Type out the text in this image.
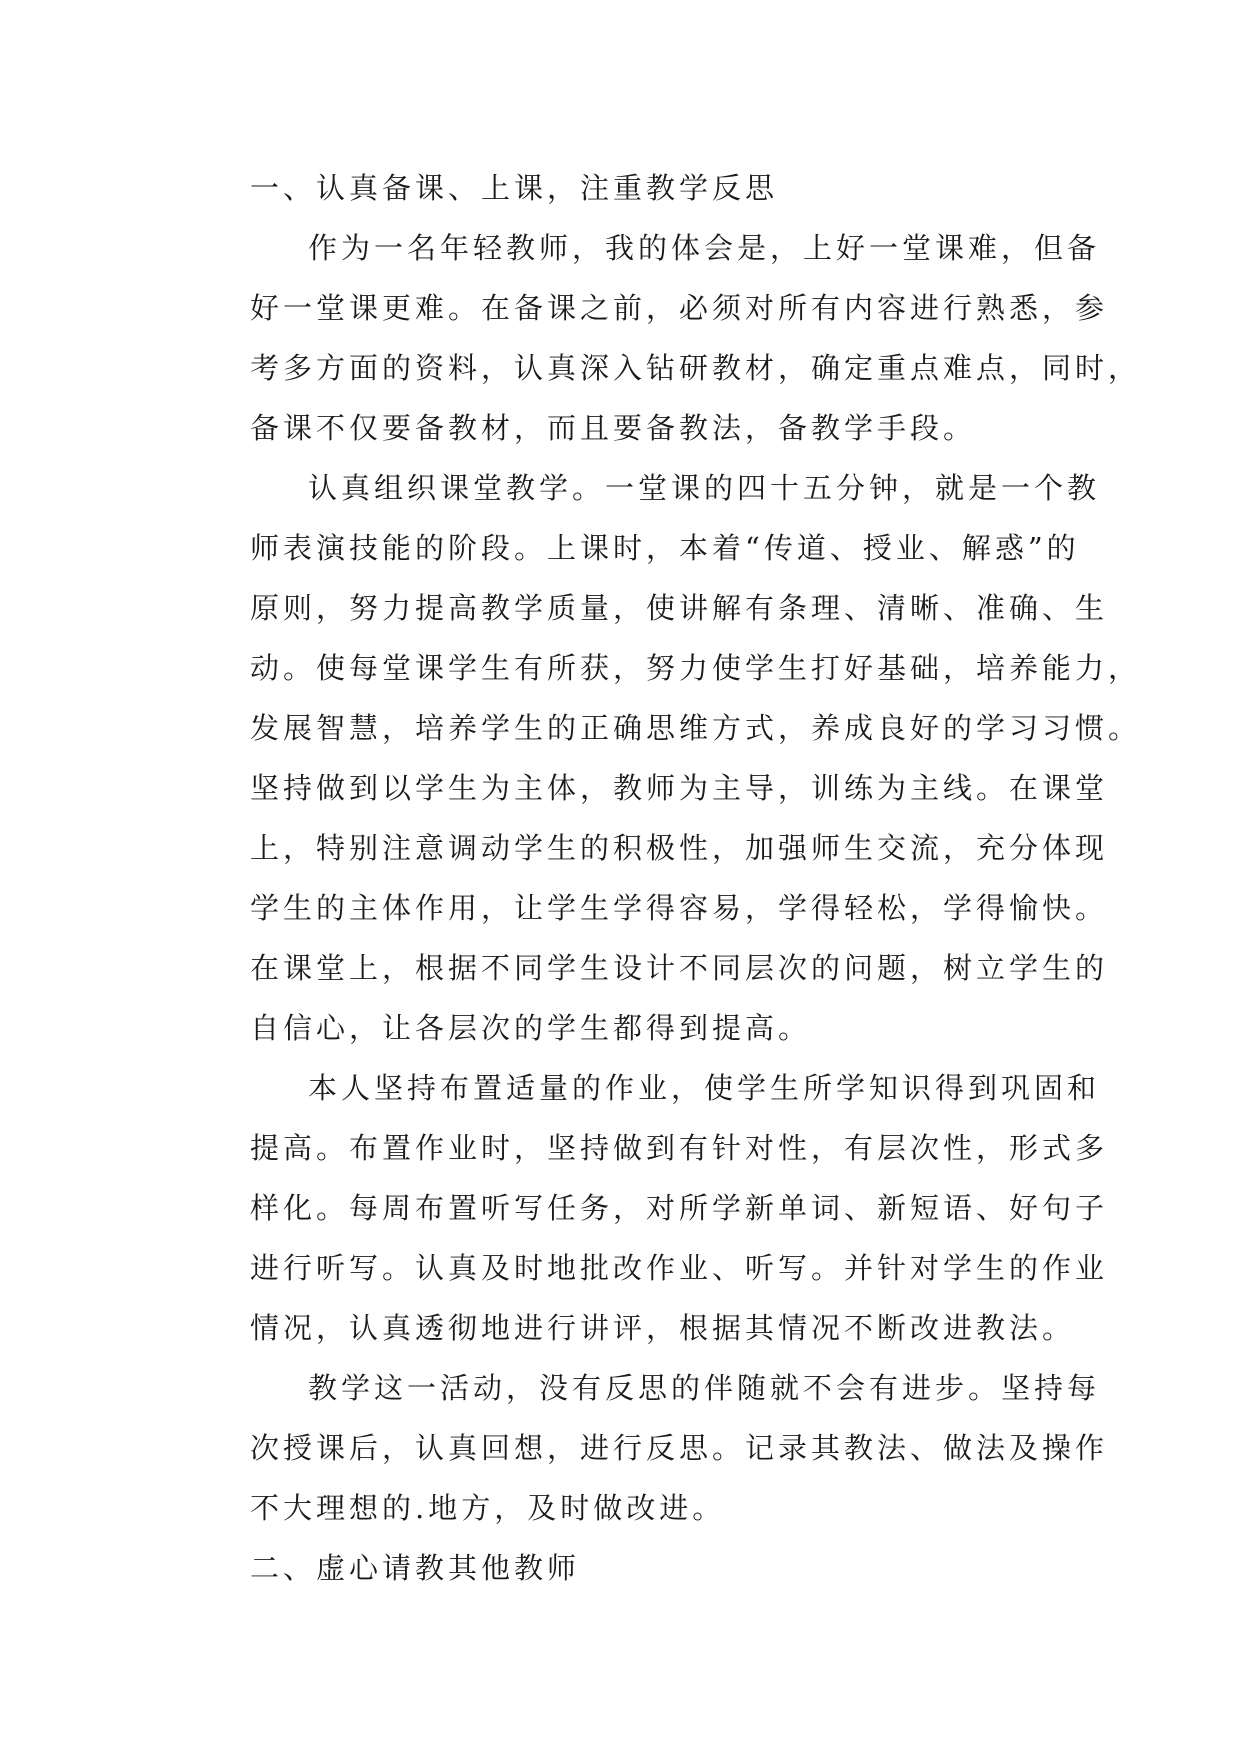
一、认真备课、上课，注重教学反思

作为一名年轻教师，我的体会是，上好一堂课难，但备
好一堂课更难。在备课之前，必须对所有内容进行熟悉，参
考多方面的资料，认真深入钻研教材，确定重点难点，同时，
备课不仅要备教材，而且要备教法，备教学手段。

认真组织课堂教学。一堂课的四十五分钟，就是一个教
师表演技能的阶段。上课时，本着“传道、授业、解惑”的
原则，努力提高教学质量，使讲解有条理、清晰、准确、生
动。使每堂课学生有所获，努力使学生打好基础，培养能力，
发展智慧，培养学生的正确思维方式，养成良好的学习习惯。
坚持做到以学生为主体，教师为主导，训练为主线。在课堂
上，特别注意调动学生的积极性，加强师生交流，充分体现
学生的主体作用，让学生学得容易，学得轻松，学得愉快。
在课堂上，根据不同学生设计不同层次的问题，树立学生的
自信心，让各层次的学生都得到提高。

本人坚持布置适量的作业，使学生所学知识得到巩固和
提高。布置作业时，坚持做到有针对性，有层次性，形式多
样化。每周布置听写任务，对所学新单词、新短语、好句子
进行听写。认真及时地批改作业、听写。并针对学生的作业
情况，认真透彻地进行讲评，根据其情况不断改进教法。

教学这一活动，没有反思的伴随就不会有进步。坚持每
次授课后，认真回想，进行反思。记录其教法、做法及操作
不大理想的.地方，及时做改进。

二、虚心请教其他教师
